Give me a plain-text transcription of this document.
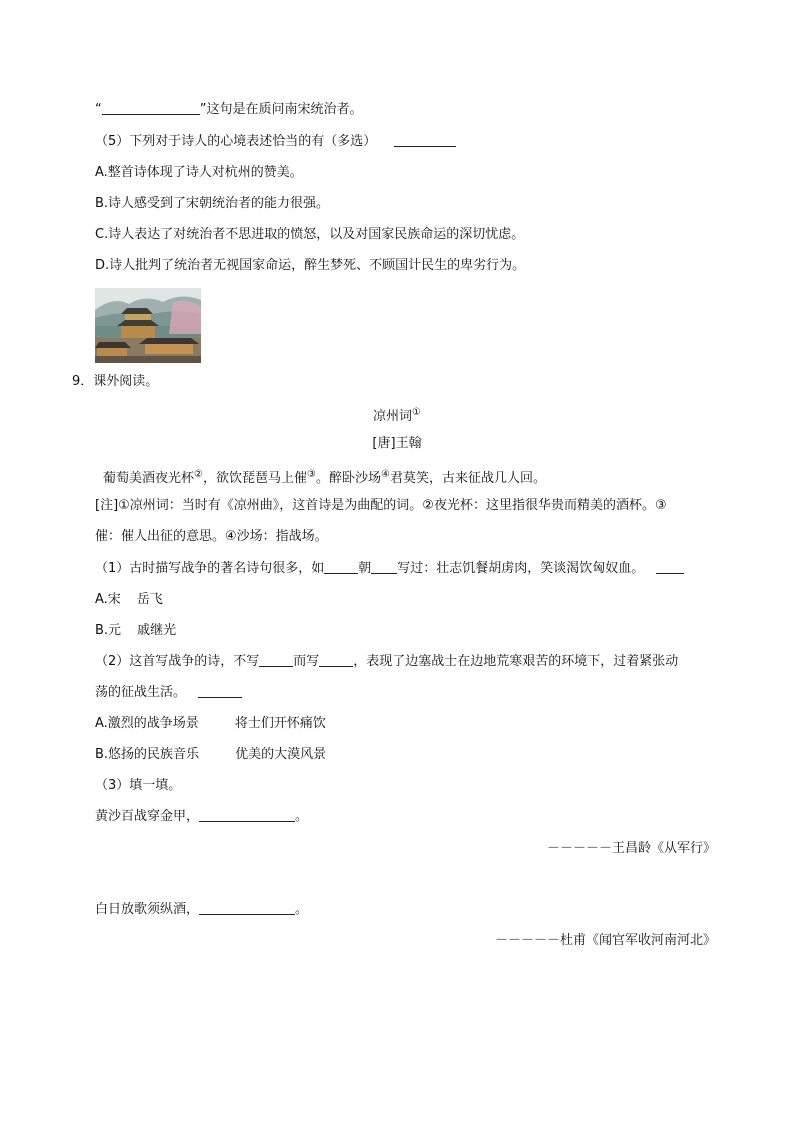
“	”这句是在质问南宋统治者。
（5）下列对于诗人的心境表述恰当的有（多选）
A.整首诗体现了诗人对杭州的赞美。
B.诗人感受到了宋朝统治者的能力很强。
C.诗人表达了对统治者不思进取的愤怒，以及对国家民族命运的深切忧虑。
D.诗人批判了统治者无视国家命运，醉生梦死、不顾国计民生的卑劣行为。
9．课外阅读。
凉州词①
[唐]王翰
葡萄美酒夜光杯②，欲饮琵琶马上催③。醉卧沙场④君莫笑，古来征战几人回。
[注]①凉州词：当时有《凉州曲》，这首诗是为曲配的词。②夜光杯：这里指很华贵而精美的酒杯。③
催：催人出征的意思。④沙场：指战场。
（1）古时描写战争的著名诗句很多，如	朝 写过：壮志饥餐胡虏肉，笑谈渴饮匈奴血。
A.宋 岳飞
B.元 戚继光
（2）这首写战争的诗，不写	而写	，表现了边塞战士在边地荒寒艰苦的环境下，过着紧张动
荡的征战生活。
A.激烈的战争场景	将士们开怀痛饮
B.悠扬的民族音乐	优美的大漠风景
（3）填一填。
黄沙百战穿金甲，	。
－－－－－王昌龄《从军行》
白日放歌须纵酒，	。
－－－－－杜甫《闻官军收河南河北》
